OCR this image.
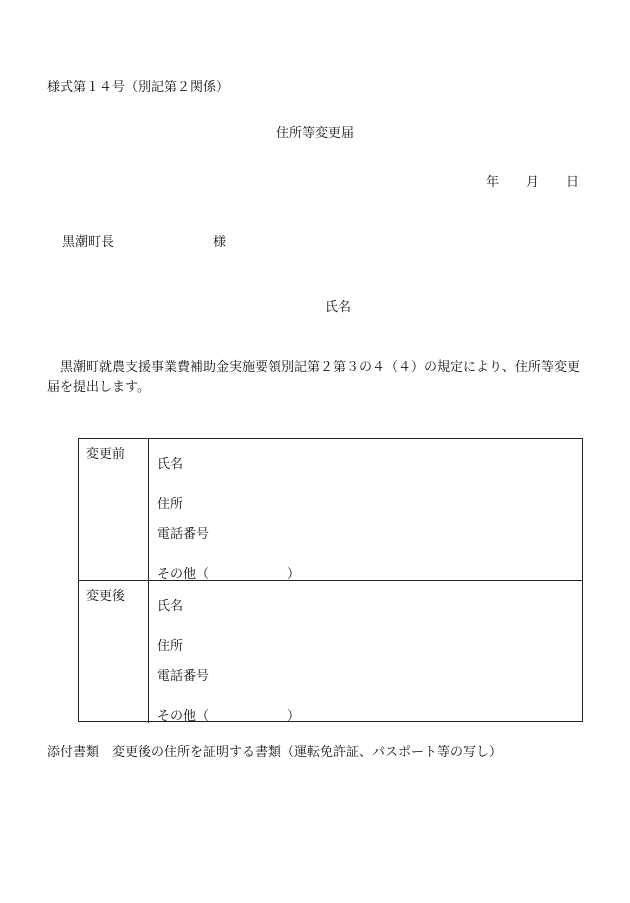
様式第１４号（別記第２関係）
住所等変更届
年 月 日
黒潮町長	様
氏名
黒潮町就農支援事業費補助金実施要領別記第２第３の４（４）の規定により、住所等変更届を提出します。
変更前
氏名
住所
電話番号
その他（　　　　　　）
変更後
氏名
住所
電話番号
その他（　　　　　　）
添付書類　変更後の住所を証明する書類（運転免許証、パスポート等の写し）
